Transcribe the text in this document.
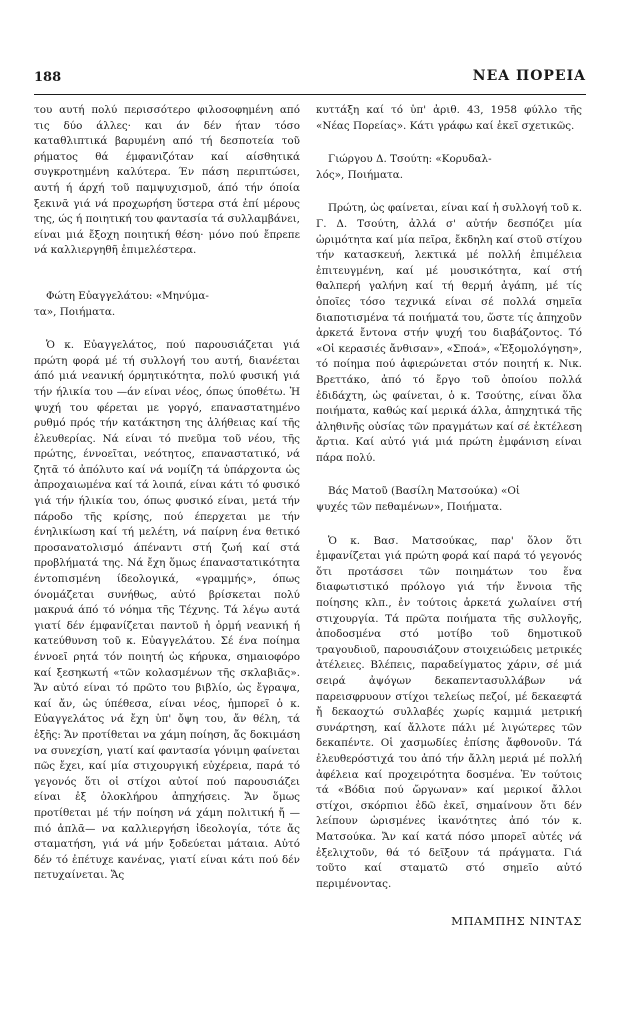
188	ΝΕΑ ΠΟΡΕΙΑ

του αυτή πολύ περισσότερο φιλοσοφημένη από τις δύο άλλες· και άν δέν ήταν τόσο καταθλιπτικά βαρυμένη από τή δεσποτεία τοῦ ρήματος θά έμφανιζόταν καί αίσθητικά συγκροτημένη καλύτερα. Έν πάση περιπτώσει, αυτή ή άρχή τοῦ παμψυχισμοῦ, άπό τήν όποία ξεκινᾶ γιά νά προχωρήση ὕστερα στά ἐπί μέρους της, ώς ή ποιητική του φαντασία τά συλλαμβάνει, είναι μιά ἔξοχη ποιητική θέση· μόνο πού ἔπρεπε νά καλλιεργηθῆ ἐπιμελέστερα.

Φώτη Εὐαγγελάτου: «Μηνύμα-
τα», Ποιήματα.

Ὁ κ. Εὐαγγελάτος, πού παρουσιάζεται γιά πρώτη φορά μέ τή συλλογή του αυτή, διανέεται άπό μιά νεανική όρμητικότητα, πολύ φυσική γιά τήν ήλικία του —άν είναι νέος, όπως ύποθέτω. Ἡ ψυχή του φέρεται με γοργό, επαναστατημένο ρυθμό πρός τήν κατάκτηση της ἀλήθειας καί τῆς ἐλευθερίας. Νά είναι τό πνεῦμα τοῦ νέου, τῆς πρώτης, έννοεῖται, νεότητος, επαναστατικό, νά ζητᾶ τό ἀπόλυτο καί νά νομίζη τά ὑπάρχοντα ὡς ἀπροχαιωμένα καί τά λοιπά, είναι κάτι τό φυσικό γιά τήν ήλικία του, όπως φυσικό είναι, μετά τήν πάροδο τῆς κρίσης, πού έπερχεται με τήν ένηλικίωση καί τή μελέτη, νά παίρνη ένα θετικό προσανατολισμό άπέναντι στή ζωή καί στά προβλήματά της. Νά ἔχη ὅμως έπαναστατικότητα έντοπισμένη ίδεολογικά, «γραμμής», όπως όνομάζεται συνήθως, αὐτό βρίσκεται πολύ μακρυά άπό τό νόημα τῆς Τέχνης. Τά λέγω αυτά γιατί δέν έμφανίζεται παντοῦ ἡ ὁρμή νεανική ή κατεύθυνση τοῦ κ. Εὐαγγελάτου. Σέ ένα ποίημα έννοεῖ ρητά τόν ποιητή ὡς κήρυκα, σημαιοφόρο καί ξεσηκωτή «τῶν κολασμένων τῆς σκλαβιᾶς». Ἄν αὐτό είναι τό πρῶτο του βιβλίο, ὡς ἔγραψα, καί ἄν, ὡς ύπέθεσα, είναι νέος, ἠμπορεῖ ὁ κ. Εὐαγγελάτος νά ἔχη ὑπ' ὄψη του, ἄν θέλη, τά ἑξῆς: Ἄν προτίθεται να χάμη ποίηση, ἄς δοκιμάση να συνεχίση, γιατί καί φαντασία γόνιμη φαίνεται πῶς ἔχει, καί μία στιχουργική εὐχέρεια, παρά τό γεγονός ὅτι οἱ στίχοι αὐτοί πού παρουσιάζει είναι ἐξ ὁλοκλήρου ἀπηχήσεις. Ἄν ὅμως προτίθεται μέ τήν ποίηση νά χάμη πολιτική ἤ —πιό ἁπλᾶ— να καλλιεργήση ἰδεολογία, τότε ἄς σταματήση, γιά νά μήν ξοδεύεται μάταια. Αὐτό δέν τό ἐπέτυχε κανένας, γιατί είναι κάτι πού δέν πετυχαίνεται. Ἄς

κυττάξη καί τό ὑπ' ἀριθ. 43, 1958 φύλλο τῆς «Νέας Πορείας». Κάτι γράφω καί ἐκεῖ σχετικῶς.

Γιώργου Δ. Τσούτη: «Κορυδαλ-
λός», Ποιήματα.

Πρώτη, ὡς φαίνεται, είναι καί ἡ συλλογή τοῦ κ. Γ. Δ. Τσούτη, ἀλλά σ' αὐτήν δεσπόζει μία ὡριμότητα καί μία πεῖρα, ἔκδηλη καί στοῦ στίχου τήν κατασκευή, λεκτικά μέ πολλή ἐπιμέλεια ἐπιτευγμένη, καί μέ μουσικότητα, καί στή θαλπερή γαλήνη καί τή θερμή ἀγάπη, μέ τίς ὁποῖες τόσο τεχνικά είναι σέ πολλά σημεῖα διαποτισμένα τά ποιήματά του, ὥστε τίς ἀπηχοῦν ἀρκετά ἔντονα στήν ψυχή του διαβάζοντος. Τό «Οἱ κερασιές ἄνθισαν», «Σποά», «Ἐξομολόγηση», τό ποίημα πού ἀφιερώνεται στόν ποιητή κ. Νικ. Βρεττάκο, ἀπό τό ἔργο τοῦ ὁποίου πολλά ἐδιδάχτη, ὡς φαίνεται, ὁ κ. Τσούτης, είναι ὅλα ποιήματα, καθώς καί μερικά άλλα, ἀπηχητικά τῆς ἀληθινῆς οὐσίας τῶν πραγμάτων καί σέ ἐκτέλεση ἄρτια. Καί αὐτό γιά μιά πρώτη ἐμφάνιση είναι πάρα πολύ.

Βάς Ματοῦ (Βασίλη Ματσούκα) «Οἱ
ψυχές τῶν πεθαμένων», Ποιήματα.

Ὁ κ. Βασ. Ματσούκας, παρ' ὅλον ὅτι ἐμφανίζεται γιά πρώτη φορά καί παρά τό γεγονός ὅτι προτάσσει τῶν ποιημάτων του ἕνα διαφωτιστικό πρόλογο γιά τήν ἔννοια τῆς ποίησης κλπ., ἐν τούτοις ἀρκετά χωλαίνει στή στιχουργία. Τά πρῶτα ποιήματα τῆς συλλογῆς, ἀποδοσμένα στό μοτίβο τοῦ δημοτικοῦ τραγουδιοῦ, παρουσιάζουν στοιχειώδεις μετρικές ἀτέλειες. Βλέπεις, παραδείγματος χάριν, σέ μιά σειρά ἀψόγων δεκαπεντασυλλάβων νά παρεισφρυουν στίχοι τελείως πεζοί, μέ δεκαεφτά ἤ δεκαοχτώ συλλαβές χωρίς καμμιά μετρική συνάρτηση, καί ἄλλοτε πάλι μέ λιγώτερες τῶν δεκαπέντε. Οἱ χασμωδίες ἐπίσης ἄφθονοῦν. Τά ἐλευθερόστιχά του ἀπό τήν ἄλλη μεριά μέ πολλή ἀφέλεια καί προχειρότητα δοσμένα. Ἐν τούτοις τά «Βόδια πού ὤργωναν» καί μερικοί ἄλλοι στίχοι, σκόρπιοι ἐδῶ ἐκεῖ, σημαίνουν ὅτι δέν λείπουν ὡρισμένες ἱκανότητες ἀπό τόν κ. Ματσούκα. Ἄν καί κατά πόσο μπορεῖ αὐτές νά ἐξελιχτοῦν, θά τό δεῖξουν τά πράγματα. Γιά τοῦτο καί σταματῶ στό σημεῖο αὐτό περιμένοντας.

ΜΠΑΜΠΗΣ ΝΙΝΤΑΣ
